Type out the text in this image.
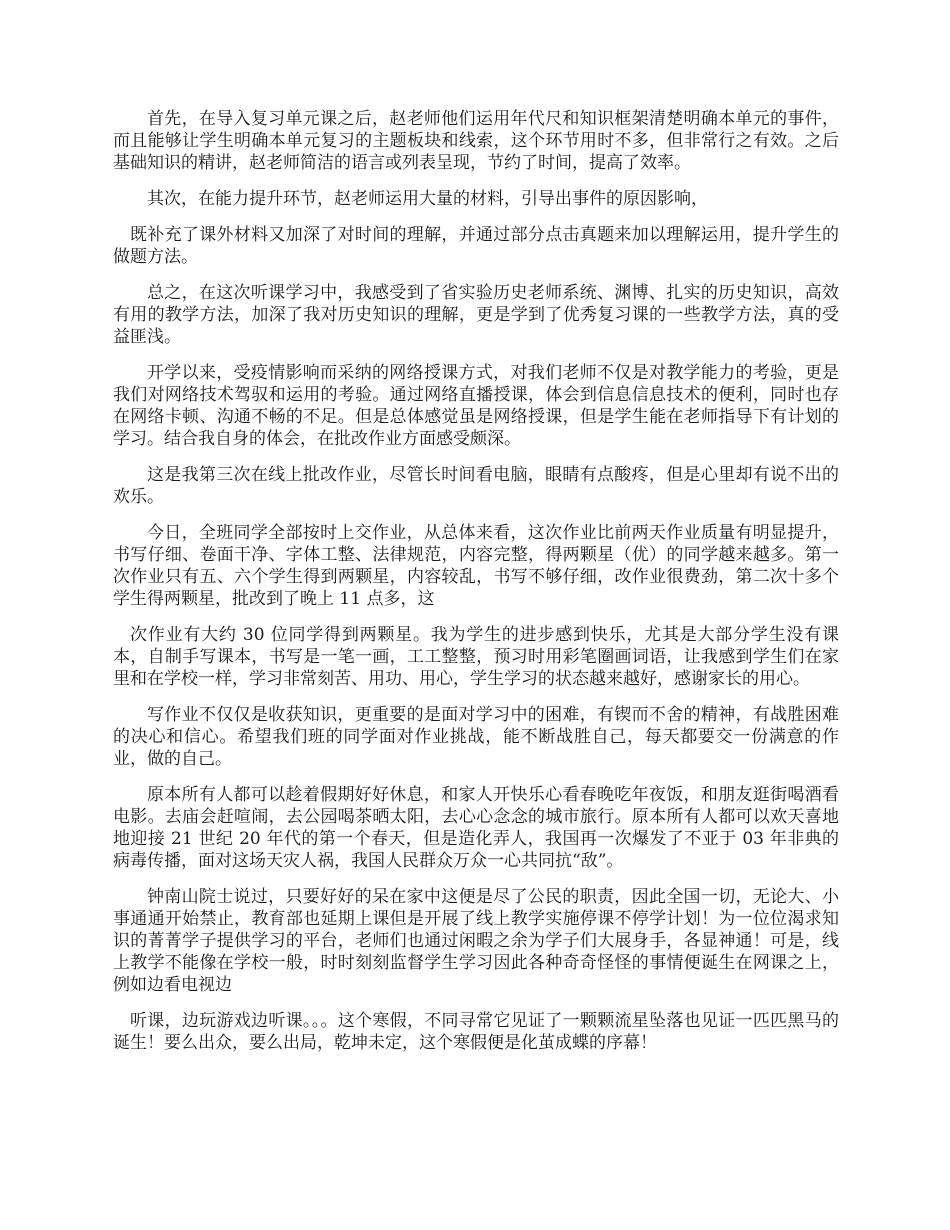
首先，在导入复习单元课之后，赵老师他们运用年代尺和知识框架清楚明确本单元的事件，而且能够让学生明确本单元复习的主题板块和线索，这个环节用时不多，但非常行之有效。之后基础知识的精讲，赵老师简洁的语言或列表呈现，节约了时间，提高了效率。

其次，在能力提升环节，赵老师运用大量的材料，引导出事件的原因影响，

既补充了课外材料又加深了对时间的理解，并通过部分点击真题来加以理解运用，提升学生的做题方法。

总之，在这次听课学习中，我感受到了省实验历史老师系统、渊博、扎实的历史知识，高效有用的教学方法，加深了我对历史知识的理解，更是学到了优秀复习课的一些教学方法，真的受益匪浅。

开学以来，受疫情影响而采纳的网络授课方式，对我们老师不仅是对教学能力的考验，更是我们对网络技术驾驭和运用的考验。通过网络直播授课，体会到信息信息技术的便利，同时也存在网络卡顿、沟通不畅的不足。但是总体感觉虽是网络授课，但是学生能在老师指导下有计划的学习。结合我自身的体会，在批改作业方面感受颇深。

这是我第三次在线上批改作业，尽管长时间看电脑，眼睛有点酸疼，但是心里却有说不出的欢乐。

今日，全班同学全部按时上交作业，从总体来看，这次作业比前两天作业质量有明显提升，书写仔细、卷面干净、字体工整、法律规范，内容完整，得两颗星（优）的同学越来越多。第一次作业只有五、六个学生得到两颗星，内容较乱，书写不够仔细，改作业很费劲，第二次十多个学生得两颗星，批改到了晚上 11 点多，这

次作业有大约 30 位同学得到两颗星。我为学生的进步感到快乐，尤其是大部分学生没有课本，自制手写课本，书写是一笔一画，工工整整，预习时用彩笔圈画词语，让我感到学生们在家里和在学校一样，学习非常刻苦、用功、用心，学生学习的状态越来越好，感谢家长的用心。

写作业不仅仅是收获知识，更重要的是面对学习中的困难，有锲而不舍的精神，有战胜困难的决心和信心。希望我们班的同学面对作业挑战，能不断战胜自己，每天都要交一份满意的作业，做的自己。

原本所有人都可以趁着假期好好休息，和家人开快乐心看春晚吃年夜饭，和朋友逛街喝酒看电影。去庙会赶喧闹，去公园喝茶晒太阳，去心心念念的城市旅行。原本所有人都可以欢天喜地地迎接 21 世纪 20 年代的第一个春天，但是造化弄人，我国再一次爆发了不亚于 03 年非典的病毒传播，面对这场天灾人祸，我国人民群众万众一心共同抗“敌”。

钟南山院士说过，只要好好的呆在家中这便是尽了公民的职责，因此全国一切，无论大、小事通通开始禁止，教育部也延期上课但是开展了线上教学实施停课不停学计划！为一位位渴求知识的菁菁学子提供学习的平台，老师们也通过闲暇之余为学子们大展身手，各显神通！可是，线上教学不能像在学校一般，时时刻刻监督学生学习因此各种奇奇怪怪的事情便诞生在网课之上，例如边看电视边

听课，边玩游戏边听课。。。这个寒假，不同寻常它见证了一颗颗流星坠落也见证一匹匹黑马的诞生！要么出众，要么出局，乾坤未定，这个寒假便是化茧成蝶的序幕！
